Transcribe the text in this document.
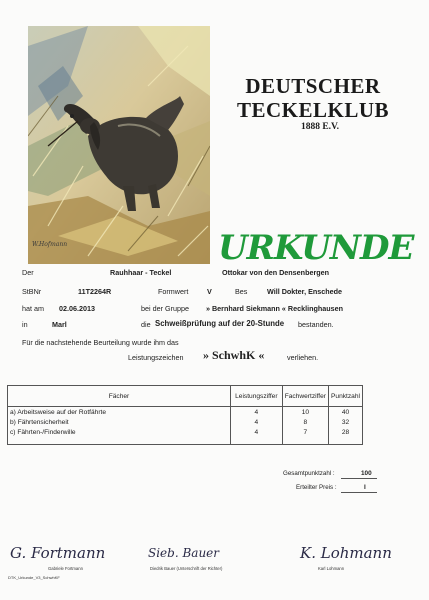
W.Hofmann
DEUTSCHER
TECKELKLUB
1888 E.V.
URKUNDE
Der	Rauhhaar - Teckel	Ottokar von den Densenbergen
StBNr	11T2264R	Formwert	V	Bes	Will Dokter, Enschede
hat am 02.06.2013	bei der Gruppe » Bernhard Siekmann « Recklinghausen
in	Marl	die Schweißprüfung auf der 20-Stunde bestanden.
Für die nachstehende Beurteilung wurde ihm das
Leistungszeichen » SchwhK «	verliehen.
Fächer	Leistungsziffer	Fachwertziffer	Punktzahl
a) Arbeitsweise auf der Rotfährte	4	10	40
b) Fährtensicherheit	4	8	32
c) Fährten-/Finderwille	4	7	28

Gesamtpunktzahl :	100
Erteilter Preis :	I
G. Fortmann
Gabriele Fortmann
DTK_Urkunde_V3_SchwhKF
Sieb. Bauer
Diedrik Bauer (Unterschrift der Richter)
K. Lohmann
Karl Lohmann
